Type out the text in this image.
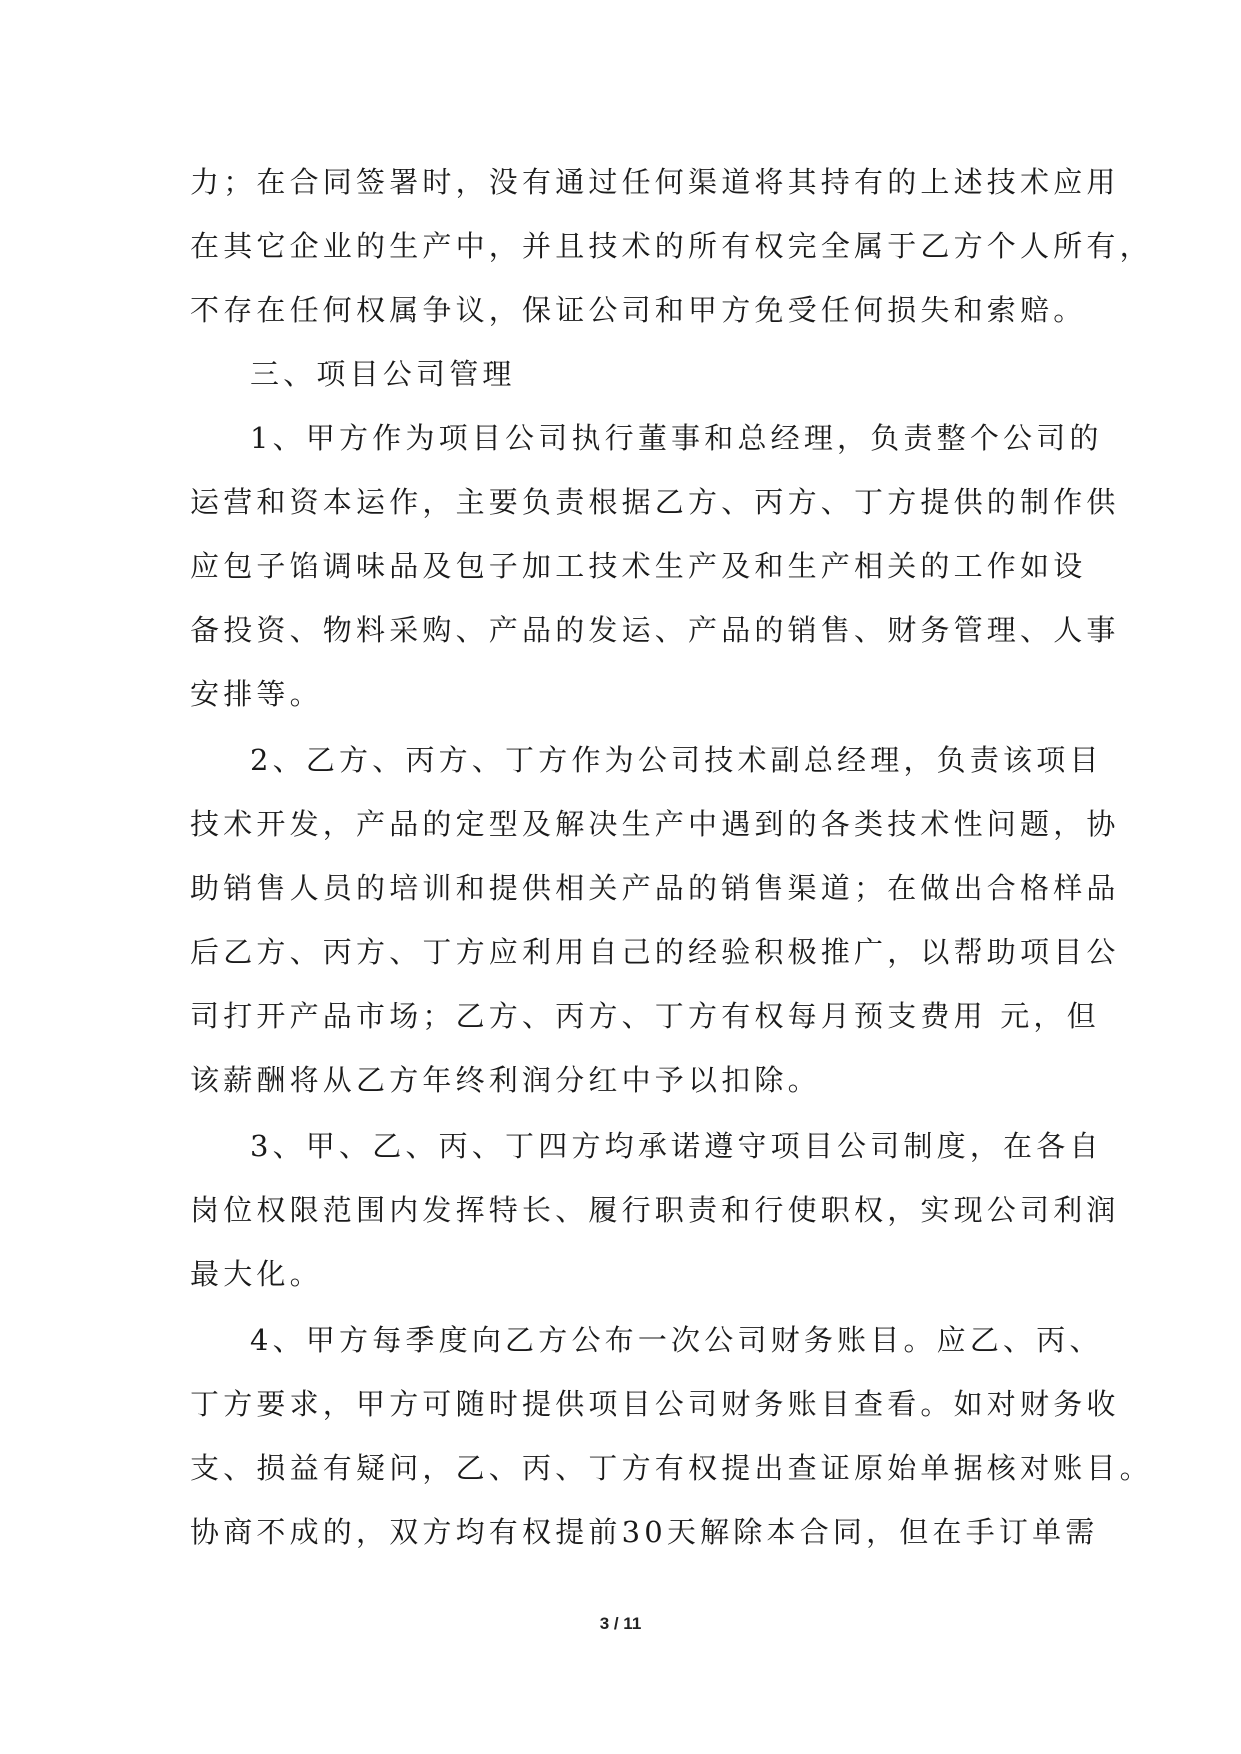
力；在合同签署时，没有通过任何渠道将其持有的上述技术应用
在其它企业的生产中，并且技术的所有权完全属于乙方个人所有，
不存在任何权属争议，保证公司和甲方免受任何损失和索赔。
三、项目公司管理
1、甲方作为项目公司执行董事和总经理，负责整个公司的
运营和资本运作，主要负责根据乙方、丙方、丁方提供的制作供
应包子馅调味品及包子加工技术生产及和生产相关的工作如设
备投资、物料采购、产品的发运、产品的销售、财务管理、人事
安排等。
2、乙方、丙方、丁方作为公司技术副总经理，负责该项目
技术开发，产品的定型及解决生产中遇到的各类技术性问题，协
助销售人员的培训和提供相关产品的销售渠道；在做出合格样品
后乙方、丙方、丁方应利用自己的经验积极推广，以帮助项目公
司打开产品市场；乙方、丙方、丁方有权每月预支费用 元，但
该薪酬将从乙方年终利润分红中予以扣除。
3、甲、乙、丙、丁四方均承诺遵守项目公司制度，在各自
岗位权限范围内发挥特长、履行职责和行使职权，实现公司利润
最大化。
4、甲方每季度向乙方公布一次公司财务账目。应乙、丙、
丁方要求，甲方可随时提供项目公司财务账目查看。如对财务收
支、损益有疑问，乙、丙、丁方有权提出查证原始单据核对账目。
协商不成的，双方均有权提前30天解除本合同，但在手订单需
3 / 11
